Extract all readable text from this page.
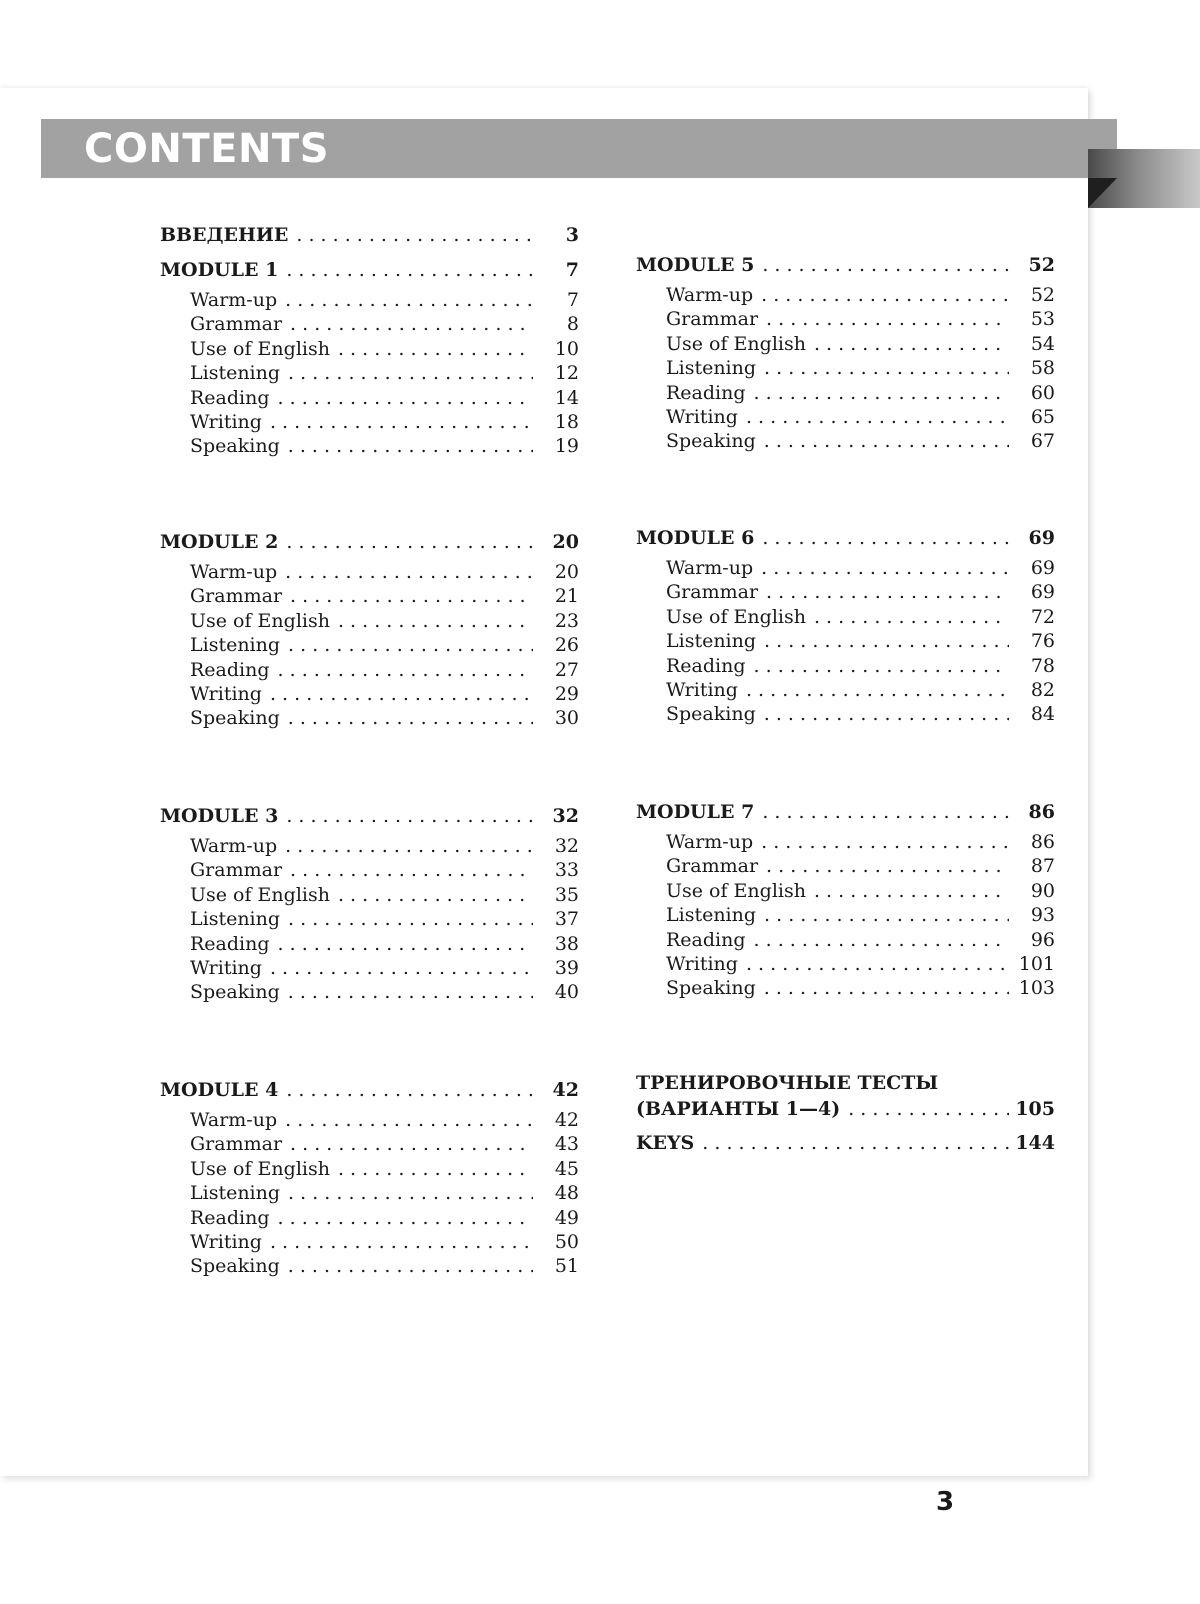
CONTENTS
ВВЕДЕНИЕ . . .	3
MODULE 1 . . .	7
Warm-up . . .	7
Grammar . . .	8
Use of English . . .	10
Listening . . .	12
Reading . . .	14
Writing . . .	18
Speaking . . .	19
MODULE 2 . . .	20
Warm-up . . .	20
Grammar . . .	21
Use of English . . .	23
Listening . . .	26
Reading . . .	27
Writing . . .	29
Speaking . . .	30
MODULE 3 . . .	32
Warm-up . . .	32
Grammar . . .	33
Use of English . . .	35
Listening . . .	37
Reading . . .	38
Writing . . .	39
Speaking . . .	40
MODULE 4 . . .	42
Warm-up . . .	42
Grammar . . .	43
Use of English . . .	45
Listening . . .	48
Reading . . .	49
Writing . . .	50
Speaking . . .	51
MODULE 5 . . .	52
Warm-up . . .	52
Grammar . . .	53
Use of English . . .	54
Listening . . .	58
Reading . . .	60
Writing . . .	65
Speaking . . .	67
MODULE 6 . . .	69
Warm-up . . .	69
Grammar . . .	69
Use of English . . .	72
Listening . . .	76
Reading . . .	78
Writing . . .	82
Speaking . . .	84
MODULE 7 . . .	86
Warm-up . . .	86
Grammar . . .	87
Use of English . . .	90
Listening . . .	93
Reading . . .	96
Writing . . .	101
Speaking . . .	103
ТРЕНИРОВОЧНЫЕ ТЕСТЫ
(ВАРИАНТЫ 1—4) . . .	105
KEYS . . .	144
3
